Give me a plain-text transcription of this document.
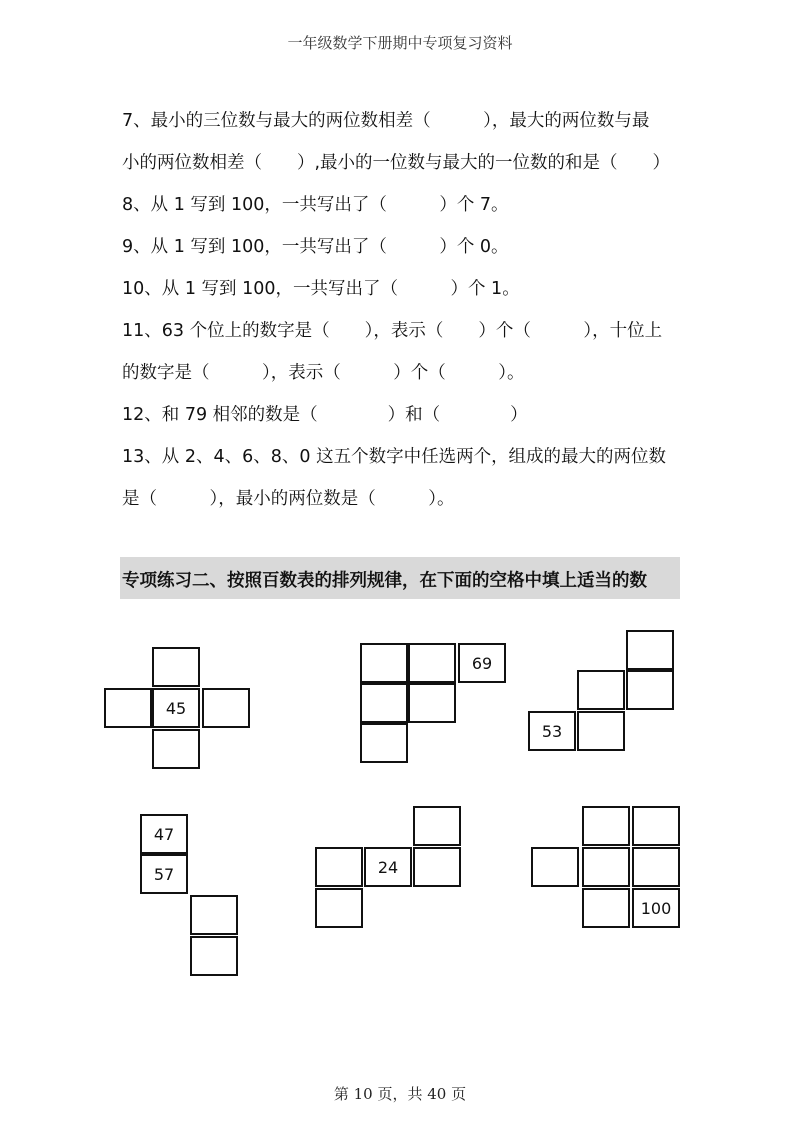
一年级数学下册期中专项复习资料
7、最小的三位数与最大的两位数相差（　　　），最大的两位数与最
小的两位数相差（　　）,最小的一位数与最大的一位数的和是（　　）
8、从 1 写到 100，一共写出了（　　　）个 7。
9、从 1 写到 100，一共写出了（　　　）个 0。
10、从 1 写到 100，一共写出了（　　　）个 1。
11、63 个位上的数字是（　　），表示（　　）个（　　　），十位上
的数字是（　　　），表示（　　　）个（　　　）。
12、和 79 相邻的数是（　　　　）和（　　　　）
13、从 2、4、6、8、0 这五个数字中任选两个，组成的最大的两位数
是（　　　），最小的两位数是（　　　）。
专项练习二、按照百数表的排列规律，在下面的空格中填上适当的数
45
69
53
47
57	24
100
第 10 页，共 40 页
